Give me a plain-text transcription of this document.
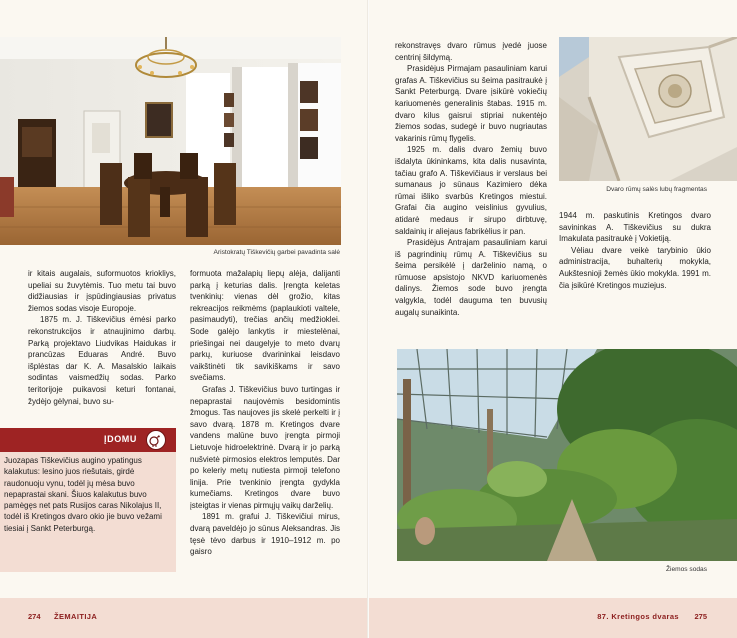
Aristokratų Tiškevičių garbei pavadinta salė

ir kitais augalais, suformuotos kriokliys, upeliai su žuvytėmis. Tuo metu tai buvo didžiausias ir įspūdingiausias privatus žiemos sodas visoje Europoje.

1875 m. J. Tiškevičius ėmėsi parko rekonstrukcijos ir atnaujinimo darbų. Parką projektavo Liudvikas Haidukas ir prancūzas Eduaras André. Buvo išplėstas dar K. A. Masalskio laikais sodintas vaismedžių sodas. Parko teritorijoje puikavosi keturi fontanai, žydėjo gėlynai, buvo su-

formuota mažalapių liepų alėja, dalijanti parką į keturias dalis. Įrengta keletas tvenkinių: vienas dėl grožio, kitas rekreacijos reikmėms (paplaukioti valtele, pasimaudyti), trečias ančių medžioklei. Sode galėjo lankytis ir miestelėnai, priešingai nei daugelyje to meto dvarų parkų, kuriuose dvarininkai leisdavo vaikštinėti tik savikiškams ir savo svečiams.

Grafas J. Tiškevičius buvo turtingas ir nepaprastai naujovėmis besidomintis žmogus. Tas naujoves jis skelė perkelti ir į savo dvarą. 1878 m. Kretingos dvare vandens malūne buvo įrengta pirmoji Lietuvoje hidroelektrinė. Dvarą ir jo parką nušvietė pirmosios elektros lemputės. Dar po keleriy metų nutiesta pirmoji telefono linija. Prie tvenkinio įrengta gydykla kumečiams. Kretingos dvare buvo įsteigtas ir vienas pirmųjų vaikų darželių.

1891 m. grafui J. Tiškevičiui mirus, dvarą paveldėjo jo sūnus Aleksandras. Jis tęsė tėvo darbus ir 1910–1912 m. po gaisro

ĮDOMU
Juozapas Tiškevičius augino ypatingus kalakutus: lesino juos riešutais, girdė raudonuoju vynu, todėl jų mėsa buvo nepaprastai skani. Šiuos kalakutus buvo pamėgęs net pats Rusijos caras Nikolajus II, todėl iš Kretingos dvaro okio jie buvo vežami tiesiai į Sankt Peterburgą.
274 ŽEMAITIJA

rekonstravęs dvaro rūmus įvedė juose centrinį šildymą.

Prasidėjus Pirmajam pasauliniam karui grafas A. Tiškevičius su šeima pasitraukė į Sankt Peterburgą. Dvare įsikūrė vokiečių kariuomenės generalinis štabas. 1915 m. dvaro kilus gaisrui stipriai nukentėjo žiemos sodas, sudegė ir buvo nugriautas vakarinis rūmų flygelis.

1925 m. dalis dvaro žemių buvo išdalyta ūkininkams, kita dalis nusavinta, tačiau grafo A. Tiškevičiaus ir verslaus bei sumanaus jo sūnaus Kazimiero dėka rūmai išliko svarbūs Kretingos miestui. Grafai čia augino veislinius gyvulius, atidarė medaus ir sirupo dirbtuvę, saldainių ir aliejaus fabrikėlius ir pan.

Prasidėjus Antrajam pasauliniam karui iš pagrindinių rūmų A. Tiškevičius su šeima persikėlė į darželinio namą, o rūmuose apsistojo NKVD kariuomenės dalinys. Žiemos sode buvo įrengta valgykla, todėl dauguma ten buvusių augalų sunaikinta.

Dvaro rūmų salės lubų fragmentas

1944 m. paskutinis Kretingos dvaro savininkas A. Tiškevičius su dukra Imakulata pasitraukė į Vokietiją.

Vėliau dvare veikė tarybinio ūkio administracija, buhalterių mokykla, Aukštesnioji žemės ūkio mokykla. 1991 m. čia įsikūrė Kretingos muziejus.

Žiemos sodas
87. Kretingos dvaras 275
